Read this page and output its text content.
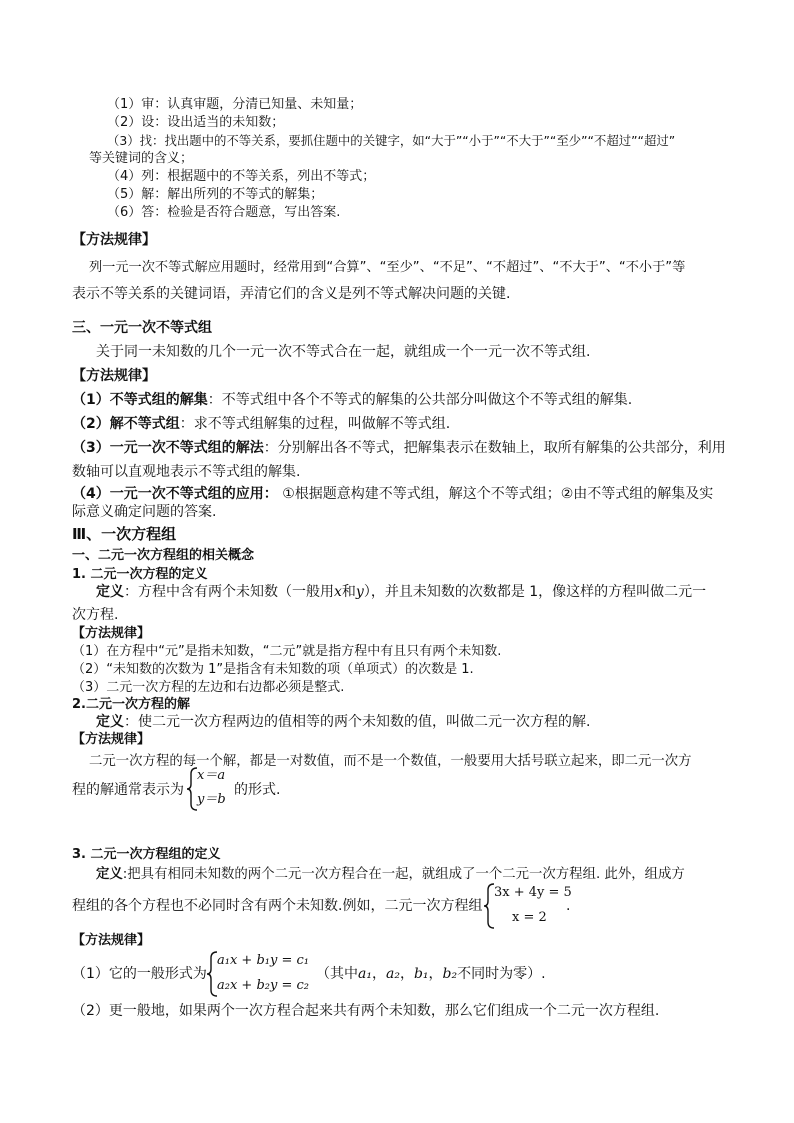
（1）审：认真审题，分清已知量、未知量；
（2）设：设出适当的未知数；
（3）找：找出题中的不等关系，要抓住题中的关键字，如“大于”“小于”“不大于”“至少”“不超过”“超过”
等关键词的含义；
（4）列：根据题中的不等关系，列出不等式；
（5）解：解出所列的不等式的解集；
（6）答：检验是否符合题意，写出答案.
【方法规律】
列一元一次不等式解应用题时，经常用到“合算”、“至少”、“不足”、“不超过”、“不大于”、“不小于”等
表示不等关系的关键词语，弄清它们的含义是列不等式解决问题的关键.
三、一元一次不等式组
关于同一未知数的几个一元一次不等式合在一起，就组成一个一元一次不等式组.
【方法规律】
（1）不等式组的解集：不等式组中各个不等式的解集的公共部分叫做这个不等式组的解集.
（2）解不等式组：求不等式组解集的过程，叫做解不等式组.
（3）一元一次不等式组的解法：分别解出各不等式，把解集表示在数轴上，取所有解集的公共部分，利用
数轴可以直观地表示不等式组的解集.
（4）一元一次不等式组的应用： ①根据题意构建不等式组，解这个不等式组；②由不等式组的解集及实
际意义确定问题的答案.
Ⅲ、一次方程组
一、二元一次方程组的相关概念
1. 二元一次方程的定义
定义：方程中含有两个未知数（一般用x和y），并且未知数的次数都是 1，像这样的方程叫做二元一
次方程.
【方法规律】
（1）在方程中“元”是指未知数，“二元”就是指方程中有且只有两个未知数.
（2）“未知数的次数为 1”是指含有未知数的项（单项式）的次数是 1.
（3）二元一次方程的左边和右边都必须是整式.
2.二元一次方程的解
定义：使二元一次方程两边的值相等的两个未知数的值，叫做二元一次方程的解.
【方法规律】
二元一次方程的每一个解，都是一对数值，而不是一个数值，一般要用大括号联立起来，即二元一次方
程的解通常表示为
x＝a
y＝b
的形式.
3. 二元一次方程组的定义
定义:把具有相同未知数的两个二元一次方程合在一起，就组成了一个二元一次方程组. 此外，组成方
程组的各个方程也不必同时含有两个未知数.例如，二元一次方程组
3x + 4y = 5
x = 2
.
【方法规律】
（1）它的一般形式为
a₁x + b₁y = c₁
a₂x + b₂y = c₂
（其中a₁，a₂，b₁，b₂不同时为零）.
（2）更一般地，如果两个一次方程合起来共有两个未知数，那么它们组成一个二元一次方程组.
